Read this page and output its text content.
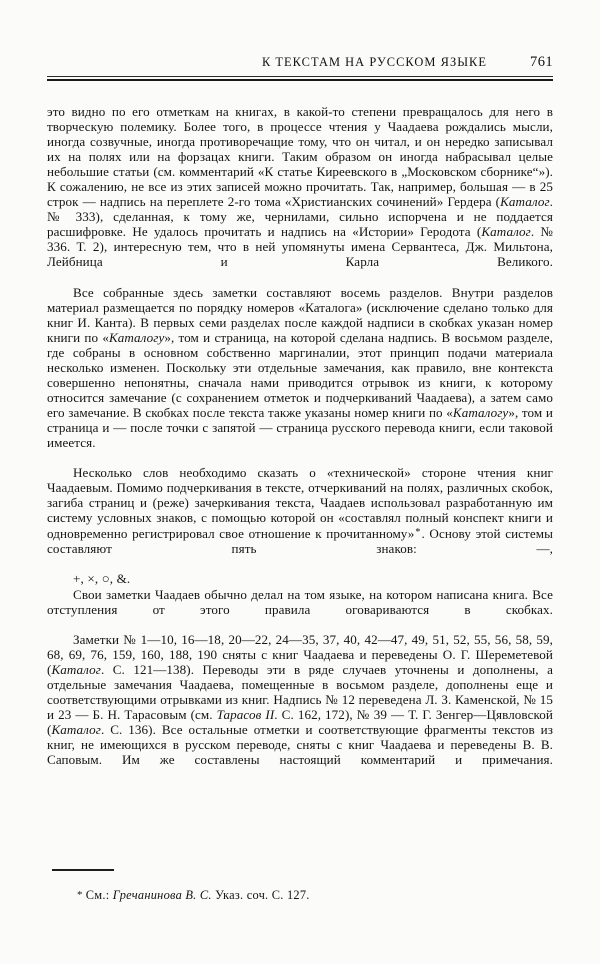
К ТЕКСТАМ НА РУССКОМ ЯЗЫКЕ	761

это видно по его отметкам на книгах, в какой-то степени превращалось для него в творческую полемику. Более того, в процессе чтения у Чаадаева рождались мысли, иногда созвучные, иногда противоречащие тому, что он читал, и он нередко записывал их на полях или на форзацах книги. Таким образом он иногда набрасывал целые небольшие статьи (см. комментарий «К статье Киреевского в „Московском сборнике“»). К сожалению, не все из этих записей можно прочитать. Так, например, большая — в 25 строк — надпись на переплете 2-го тома «Христианских сочинений» Гердера (Каталог. № 333), сделанная, к тому же, чернилами, сильно испорчена и не поддается расшифровке. Не удалось прочитать и надпись на «Истории» Геродота (Каталог. № 336. Т. 2), интересную тем, что в ней упомянуты имена Сервантеса, Дж. Мильтона, Лейбница и Карла Великого.

Все собранные здесь заметки составляют восемь разделов. Внутри разделов материал размещается по порядку номеров «Каталога» (исключение сделано только для книг И. Канта). В первых семи разделах после каждой надписи в скобках указан номер книги по «Каталогу», том и страница, на которой сделана надпись. В восьмом разделе, где собраны в основном собственно маргиналии, этот принцип подачи материала несколько изменен. Поскольку эти отдельные замечания, как правило, вне контекста совершенно непонятны, сначала нами приводится отрывок из книги, к которому относится замечание (с сохранением отметок и подчеркиваний Чаадаева), а затем само его замечание. В скобках после текста также указаны номер книги по «Каталогу», том и страница и — после точки с запятой — страница русского перевода книги, если таковой имеется.

Несколько слов необходимо сказать о «технической» стороне чтения книг Чаадаевым. Помимо подчеркивания в тексте, отчеркиваний на полях, различных скобок, загиба страниц и (реже) зачеркивания текста, Чаадаев использовал разработанную им систему условных знаков, с помощью которой он «составлял полный конспект книги и одновременно регистрировал свое отношение к прочитанному»*. Основу этой системы составляют пять знаков: —,

+, ×, ○, &.

Свои заметки Чаадаев обычно делал на том языке, на котором написана книга. Все отступления от этого правила оговариваются в скобках.

Заметки № 1—10, 16—18, 20—22, 24—35, 37, 40, 42—47, 49, 51, 52, 55, 56, 58, 59, 68, 69, 76, 159, 160, 188, 190 сняты с книг Чаадаева и переведены О. Г. Шереметевой (Каталог. С. 121—138). Переводы эти в ряде случаев уточнены и дополнены, а отдельные замечания Чаадаева, помещенные в восьмом разделе, дополнены еще и соответствующими отрывками из книг. Надпись № 12 переведена Л. З. Каменской, № 15 и 23 — Б. Н. Тарасовым (см. Тарасов II. С. 162, 172), № 39 — Т. Г. Зенгер—Цявловской (Каталог. С. 136). Все остальные отметки и соответствующие фрагменты текстов из книг, не имеющихся в русском переводе, сняты с книг Чаадаева и переведены В. В. Саповым. Им же составлены настоящий комментарий и примечания.

* См.: Гречанинова В. С. Указ. соч. С. 127.
